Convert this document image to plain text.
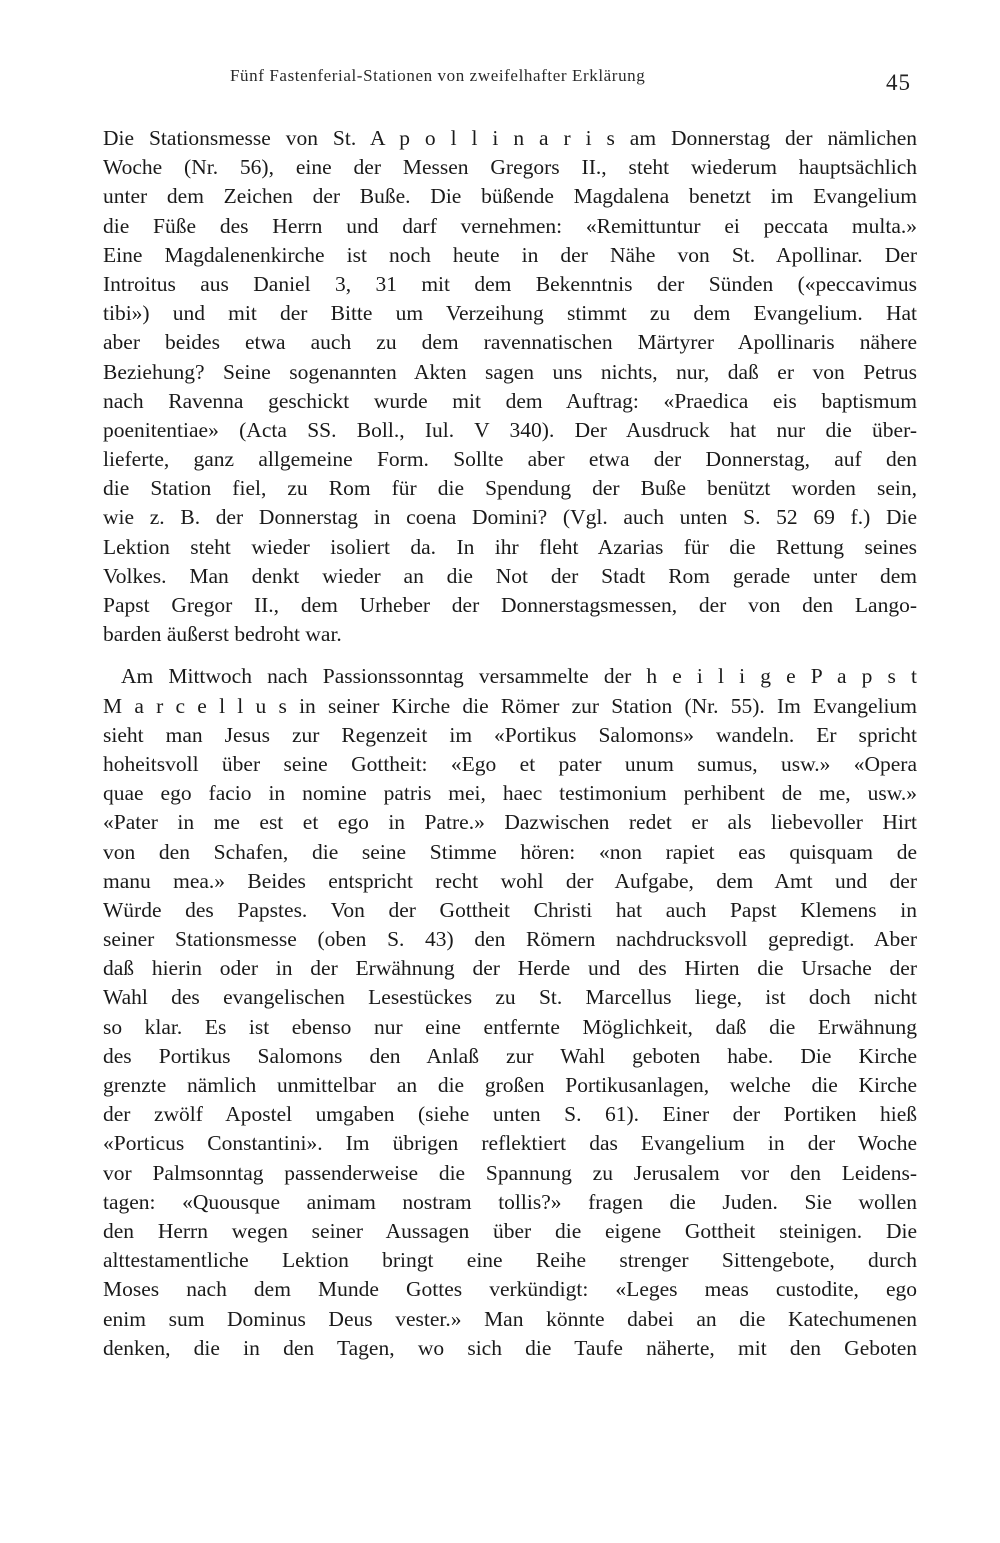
Fünf Fastenferial-Stationen von zweifelhafter Erklärung	45
Die Stationsmesse von St. A p o l l i n a r i s am Donnerstag der nämlichen
Woche (Nr. 56), eine der Messen Gregors II., steht wiederum hauptsächlich
unter dem Zeichen der Buße. Die büßende Magdalena benetzt im Evangelium
die Füße des Herrn und darf vernehmen: «Remittuntur ei peccata multa.»
Eine Magdalenenkirche ist noch heute in der Nähe von St. Apollinar. Der
Introitus aus Daniel 3, 31 mit dem Bekenntnis der Sünden («peccavimus
tibi») und mit der Bitte um Verzeihung stimmt zu dem Evangelium. Hat
aber beides etwa auch zu dem ravennatischen Märtyrer Apollinaris nähere
Beziehung? Seine sogenannten Akten sagen uns nichts, nur, daß er von Petrus
nach Ravenna geschickt wurde mit dem Auftrag: «Praedica eis baptismum
poenitentiae» (Acta SS. Boll., Iul. V 340). Der Ausdruck hat nur die über-
lieferte, ganz allgemeine Form. Sollte aber etwa der Donnerstag, auf den
die Station fiel, zu Rom für die Spendung der Buße benützt worden sein,
wie z. B. der Donnerstag in coena Domini? (Vgl. auch unten S. 52 69 f.) Die
Lektion steht wieder isoliert da. In ihr fleht Azarias für die Rettung seines
Volkes. Man denkt wieder an die Not der Stadt Rom gerade unter dem
Papst Gregor II., dem Urheber der Donnerstagsmessen, der von den Lango-
barden äußerst bedroht war.
Am Mittwoch nach Passionssonntag versammelte der h e i l i g e P a p s t
M a r c e l l u s in seiner Kirche die Römer zur Station (Nr. 55). Im Evangelium
sieht man Jesus zur Regenzeit im «Portikus Salomons» wandeln. Er spricht
hoheitsvoll über seine Gottheit: «Ego et pater unum sumus, usw.» «Opera
quae ego facio in nomine patris mei, haec testimonium perhibent de me, usw.»
«Pater in me est et ego in Patre.» Dazwischen redet er als liebevoller Hirt
von den Schafen, die seine Stimme hören: «non rapiet eas quisquam de
manu mea.» Beides entspricht recht wohl der Aufgabe, dem Amt und der
Würde des Papstes. Von der Gottheit Christi hat auch Papst Klemens in
seiner Stationsmesse (oben S. 43) den Römern nachdrucksvoll gepredigt. Aber
daß hierin oder in der Erwähnung der Herde und des Hirten die Ursache der
Wahl des evangelischen Lesestückes zu St. Marcellus liege, ist doch nicht
so klar. Es ist ebenso nur eine entfernte Möglichkeit, daß die Erwähnung
des Portikus Salomons den Anlaß zur Wahl geboten habe. Die Kirche
grenzte nämlich unmittelbar an die großen Portikusanlagen, welche die Kirche
der zwölf Apostel umgaben (siehe unten S. 61). Einer der Portiken hieß
«Porticus Constantini». Im übrigen reflektiert das Evangelium in der Woche
vor Palmsonntag passenderweise die Spannung zu Jerusalem vor den Leidens-
tagen: «Quousque animam nostram tollis?» fragen die Juden. Sie wollen
den Herrn wegen seiner Aussagen über die eigene Gottheit steinigen. Die
alttestamentliche Lektion bringt eine Reihe strenger Sittengebote, durch
Moses nach dem Munde Gottes verkündigt: «Leges meas custodite, ego
enim sum Dominus Deus vester.» Man könnte dabei an die Katechumenen
denken, die in den Tagen, wo sich die Taufe näherte, mit den Geboten
